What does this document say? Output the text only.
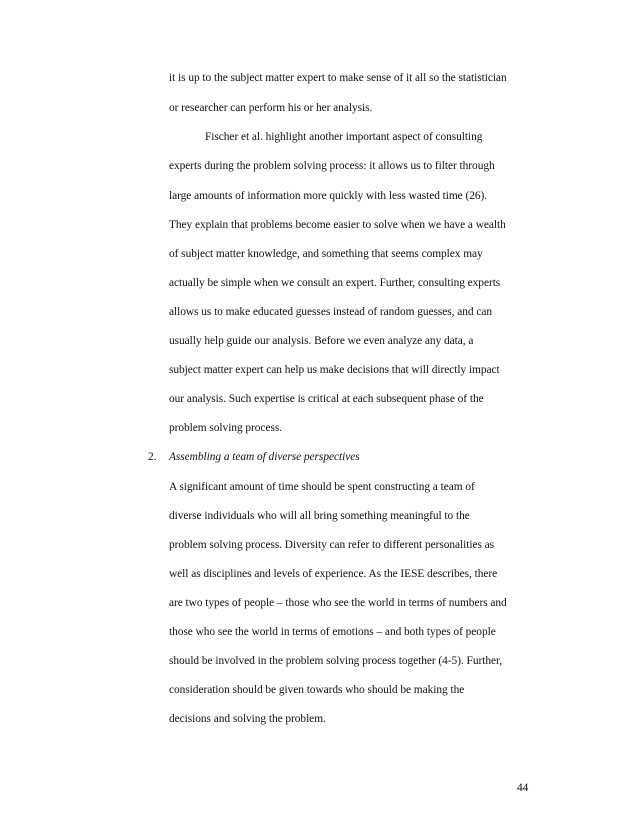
it is up to the subject matter expert to make sense of it all so the statistician
or researcher can perform his or her analysis.
Fischer et al. highlight another important aspect of consulting
experts during the problem solving process: it allows us to filter through
large amounts of information more quickly with less wasted time (26).
They explain that problems become easier to solve when we have a wealth
of subject matter knowledge, and something that seems complex may
actually be simple when we consult an expert. Further, consulting experts
allows us to make educated guesses instead of random guesses, and can
usually help guide our analysis. Before we even analyze any data, a
subject matter expert can help us make decisions that will directly impact
our analysis. Such expertise is critical at each subsequent phase of the
problem solving process.
2. Assembling a team of diverse perspectives
A significant amount of time should be spent constructing a team of
diverse individuals who will all bring something meaningful to the
problem solving process. Diversity can refer to different personalities as
well as disciplines and levels of experience. As the IESE describes, there
are two types of people – those who see the world in terms of numbers and
those who see the world in terms of emotions – and both types of people
should be involved in the problem solving process together (4-5). Further,
consideration should be given towards who should be making the
decisions and solving the problem.
44
